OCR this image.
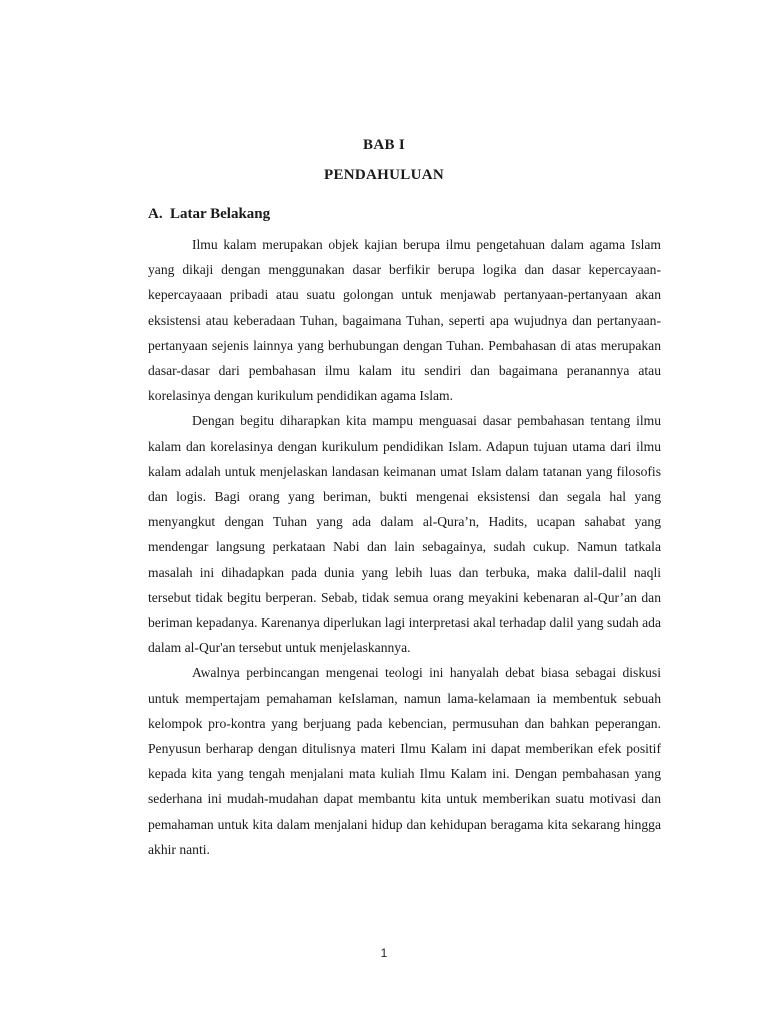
BAB I
PENDAHULUAN
A. Latar Belakang

Ilmu kalam merupakan objek kajian berupa ilmu pengetahuan dalam agama Islam yang dikaji dengan menggunakan dasar berfikir berupa logika dan dasar kepercayaan-kepercayaaan pribadi atau suatu golongan untuk menjawab pertanyaan-pertanyaan akan eksistensi atau keberadaan Tuhan, bagaimana Tuhan, seperti apa wujudnya dan pertanyaan-pertanyaan sejenis lainnya yang berhubungan dengan Tuhan. Pembahasan di atas merupakan dasar-dasar dari pembahasan ilmu kalam itu sendiri dan bagaimana peranannya atau korelasinya dengan kurikulum pendidikan agama Islam.

Dengan begitu diharapkan kita mampu menguasai dasar pembahasan tentang ilmu kalam dan korelasinya dengan kurikulum pendidikan Islam. Adapun tujuan utama dari ilmu kalam adalah untuk menjelaskan landasan keimanan umat Islam dalam tatanan yang filosofis dan logis. Bagi orang yang beriman, bukti mengenai eksistensi dan segala hal yang menyangkut dengan Tuhan yang ada dalam al-Qura’n, Hadits, ucapan sahabat yang mendengar langsung perkataan Nabi dan lain sebagainya, sudah cukup. Namun tatkala masalah ini dihadapkan pada dunia yang lebih luas dan terbuka, maka dalil-dalil naqli tersebut tidak begitu berperan. Sebab, tidak semua orang meyakini kebenaran al-Qur’an dan beriman kepadanya. Karenanya diperlukan lagi interpretasi akal terhadap dalil yang sudah ada dalam al-Qur'an tersebut untuk menjelaskannya.

Awalnya perbincangan mengenai teologi ini hanyalah debat biasa sebagai diskusi untuk mempertajam pemahaman keIslaman, namun lama-kelamaan ia membentuk sebuah kelompok pro-kontra yang berjuang pada kebencian, permusuhan dan bahkan peperangan. Penyusun berharap dengan ditulisnya materi Ilmu Kalam ini dapat memberikan efek positif kepada kita yang tengah menjalani mata kuliah Ilmu Kalam ini. Dengan pembahasan yang sederhana ini mudah-mudahan dapat membantu kita untuk memberikan suatu motivasi dan pemahaman untuk kita dalam menjalani hidup dan kehidupan beragama kita sekarang hingga akhir nanti.

1
